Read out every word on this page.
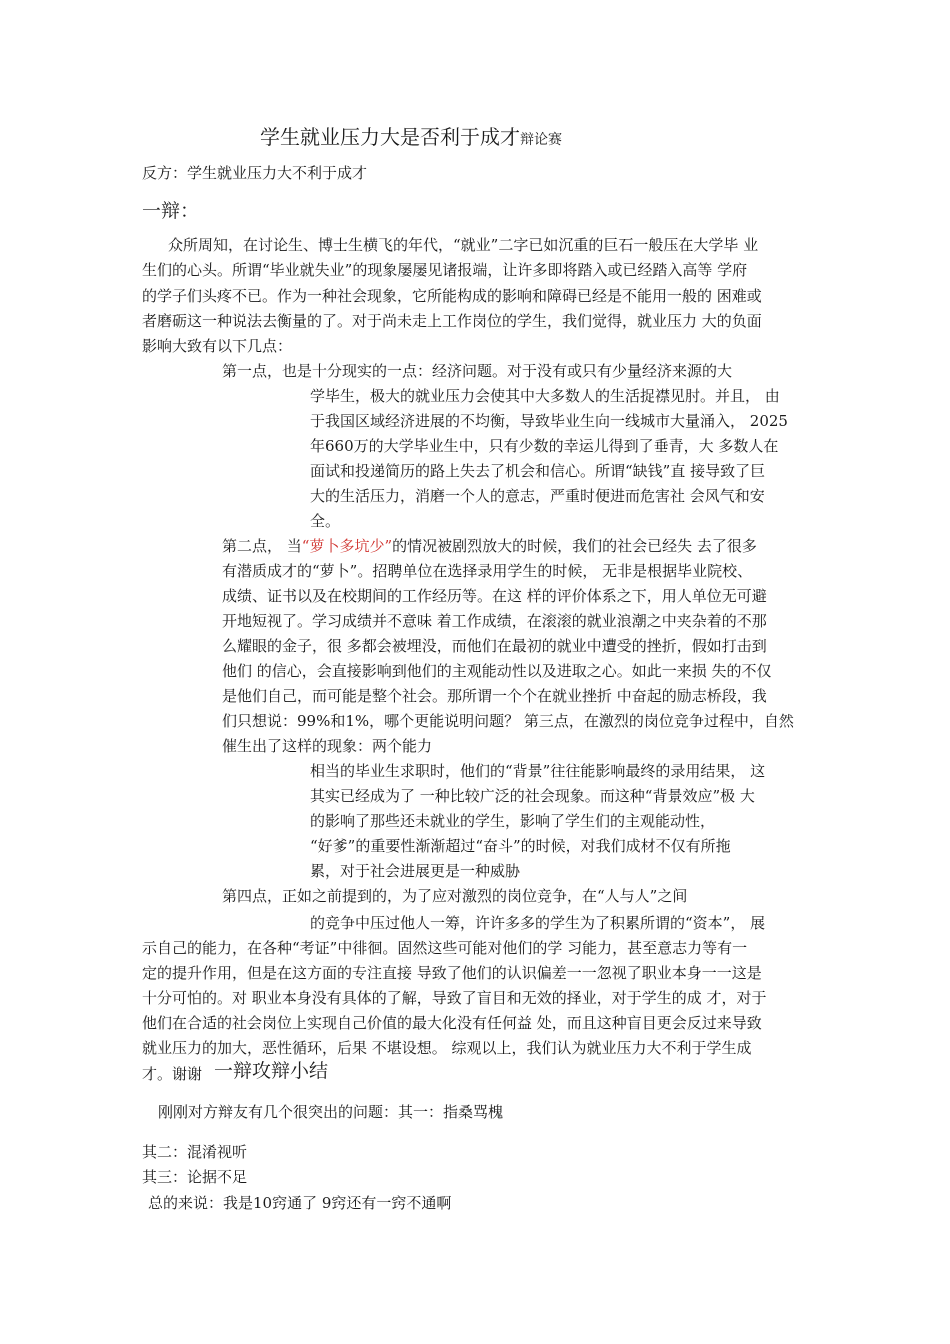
学生就业压力大是否利于成才辩论赛
反方：学生就业压力大不利于成才
一辩：
众所周知，在讨论生、博士生横飞的年代，“就业”二字已如沉重的巨石一般压在大学毕 业
生们的心头。所谓“毕业就失业”的现象屡屡见诸报端，让许多即将踏入或已经踏入高等 学府
的学子们头疼不已。作为一种社会现象，它所能构成的影响和障碍已经是不能用一般的 困难或
者磨砺这一种说法去衡量的了。对于尚未走上工作岗位的学生，我们觉得，就业压力 大的负面
影响大致有以下几点：
第一点，也是十分现实的一点：经济问题。对于没有或只有少量经济来源的大
学毕生，极大的就业压力会使其中大多数人的生活捉襟见肘。并且， 由
于我国区域经济进展的不均衡，导致毕业生向一线城市大量涌入， 2025
年660万的大学毕业生中，只有少数的幸运儿得到了垂青，大 多数人在
面试和投递简历的路上失去了机会和信心。所谓“缺钱”直 接导致了巨
大的生活压力，消磨一个人的意志，严重时便进而危害社 会风气和安
全。
第二点， 当“萝卜多坑少”的情况被剧烈放大的时候，我们的社会已经失 去了很多
有潜质成才的“萝卜”。招聘单位在选择录用学生的时候， 无非是根据毕业院校、
成绩、证书以及在校期间的工作经历等。在这 样的评价体系之下，用人单位无可避
开地短视了。学习成绩并不意味 着工作成绩，在滚滚的就业浪潮之中夹杂着的不那
么耀眼的金子，很 多都会被埋没，而他们在最初的就业中遭受的挫折，假如打击到
他们 的信心，会直接影响到他们的主观能动性以及进取之心。如此一来损 失的不仅
是他们自己，而可能是整个社会。那所谓一个个在就业挫折 中奋起的励志桥段，我
们只想说：99%和1%，哪个更能说明问题？ 第三点，在激烈的岗位竞争过程中，自然
催生出了这样的现象：两个能力
相当的毕业生求职时，他们的“背景”往往能影响最终的录用结果， 这
其实已经成为了 一种比较广泛的社会现象。而这种“背景效应”极 大
的影响了那些还未就业的学生，影响了学生们的主观能动性，
“好爹”的重要性渐渐超过“奋斗”的时候，对我们成材不仅有所拖
累，对于社会进展更是一种威胁
第四点，正如之前提到的，为了应对激烈的岗位竞争，在“人与人”之间
的竞争中压过他人一筹，许许多多的学生为了积累所谓的“资本”， 展
示自己的能力，在各种“考证”中徘徊。固然这些可能对他们的学 习能力，甚至意志力等有一
定的提升作用，但是在这方面的专注直接 导致了他们的认识偏差一一忽视了职业本身一一这是
十分可怕的。对 职业本身没有具体的了解，导致了盲目和无效的择业，对于学生的成 才，对于
他们在合适的社会岗位上实现自己价值的最大化没有任何益 处，而且这种盲目更会反过来导致
就业压力的加大，恶性循环，后果 不堪设想。 综观以上，我们认为就业压力大不利于学生成
才。谢谢 一辩攻辩小结
刚刚对方辩友有几个很突出的问题：其一：指桑骂槐
其二：混淆视听
其三：论据不足
总的来说：我是10窍通了 9窍还有一窍不通啊
